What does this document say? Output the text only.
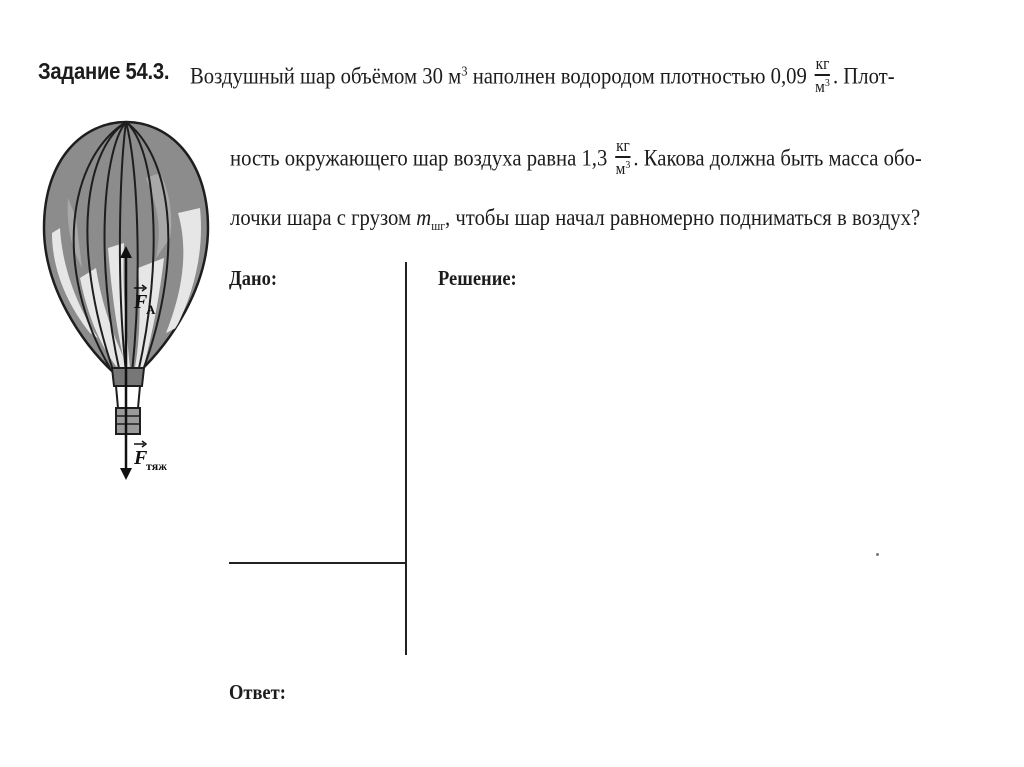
Задание 54.3. Воздушный шар объёмом 30 $м^3$ наполнен водородом плотностью $0,09 \frac{кг}{м^3}$ . Плот-
ность окружающего шар воздуха равна $1,3 \frac{кг}{м^3}$ . Какова должна быть масса обо-
лочки шара с грузом $m_{шг}$, чтобы шар начал равномерно подниматься в воздух?
Дано:	Решение:
Ответ:
F
А
F
тяж
